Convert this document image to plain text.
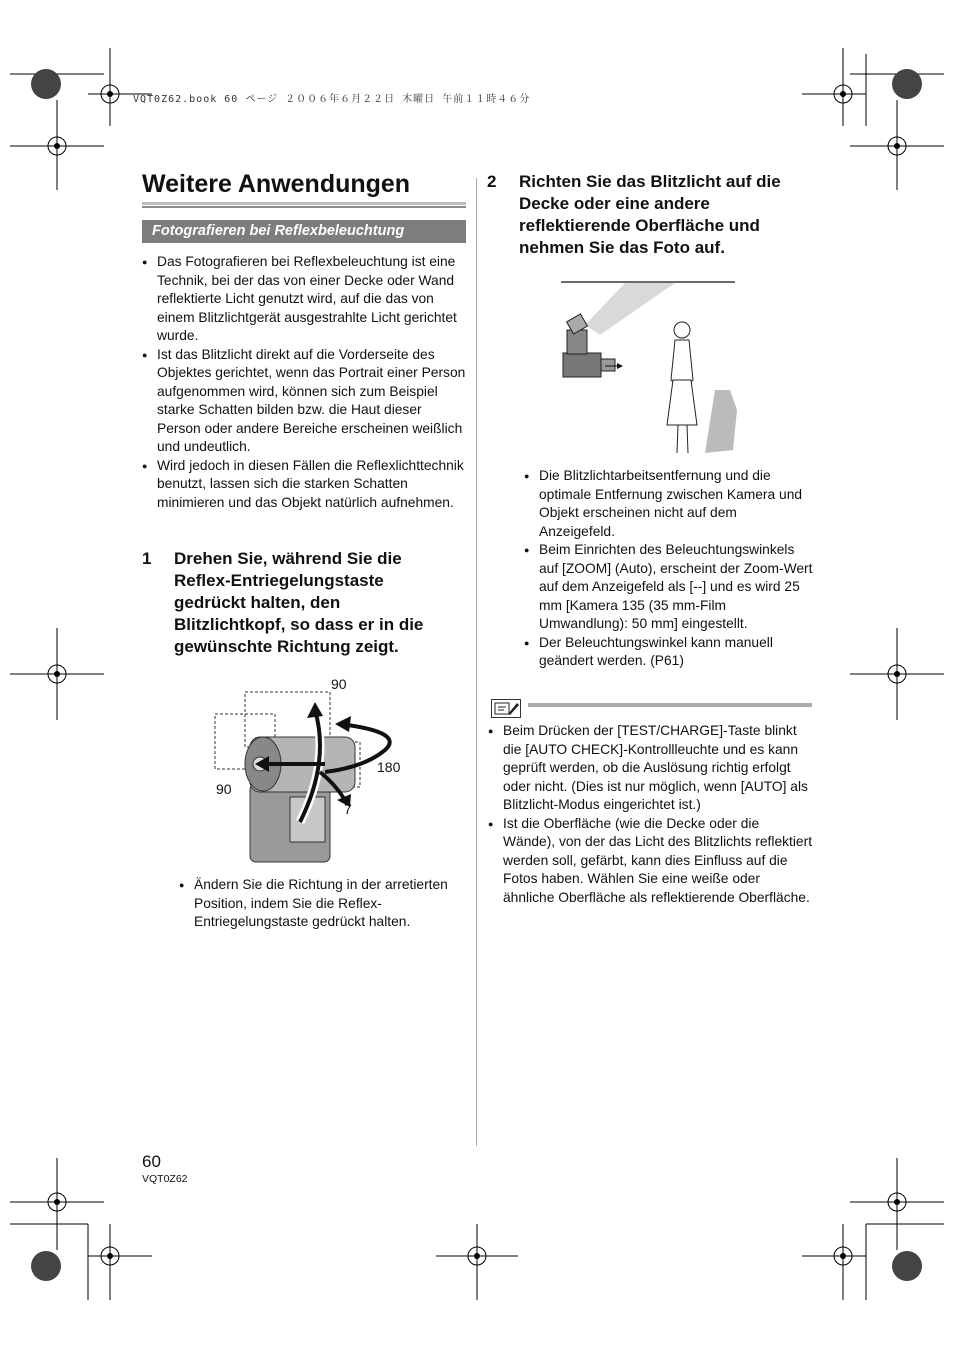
VQT0Z62.book 60 ページ ２００６年６月２２日 木曜日 午前１１時４６分
Weitere Anwendungen
Fotografieren bei Reflexbeleuchtung
● Das Fotografieren bei Reflexbeleuchtung ist eine Technik, bei der das von einer Decke oder Wand reflektierte Licht genutzt wird, auf die das von einem Blitzlichtgerät ausgestrahlte Licht gerichtet wurde.
● Ist das Blitzlicht direkt auf die Vorderseite des Objektes gerichtet, wenn das Portrait einer Person aufgenommen wird, können sich zum Beispiel starke Schatten bilden bzw. die Haut dieser Person oder andere Bereiche erscheinen weißlich und undeutlich.
● Wird jedoch in diesen Fällen die Reflexlichttechnik benutzt, lassen sich die starken Schatten minimieren und das Objekt natürlich aufnehmen.
1 Drehen Sie, während Sie die
Reflex-Entriegelungstaste
gedrückt halten, den
Blitzlichtkopf, so dass er in die
gewünschte Richtung zeigt.
90
90
180
7
● Ändern Sie die Richtung in der arretierten Position, indem Sie die Reflex-Entriegelungstaste gedrückt halten.
2 Richten Sie das Blitzlicht auf die
Decke oder eine andere
reflektierende Oberfläche und
nehmen Sie das Foto auf.
● Die Blitzlichtarbeitsentfernung und die optimale Entfernung zwischen Kamera und Objekt erscheinen nicht auf dem Anzeigefeld.
● Beim Einrichten des Beleuchtungswinkels auf [ZOOM] (Auto), erscheint der Zoom-Wert auf dem Anzeigefeld als [--] und es wird 25 mm [Kamera 135 (35 mm-Film Umwandlung): 50 mm] eingestellt.
● Der Beleuchtungswinkel kann manuell geändert werden. (P61)
● Beim Drücken der [TEST/CHARGE]-Taste blinkt die [AUTO CHECK]-Kontrollleuchte und es kann geprüft werden, ob die Auslösung richtig erfolgt oder nicht. (Dies ist nur möglich, wenn [AUTO] als Blitzlicht-Modus eingerichtet ist.)
● Ist die Oberfläche (wie die Decke oder die Wände), von der das Licht des Blitzlichts reflektiert werden soll, gefärbt, kann dies Einfluss auf die Fotos haben. Wählen Sie eine weiße oder ähnliche Oberfläche als reflektierende Oberfläche.
60
VQT0Z62
